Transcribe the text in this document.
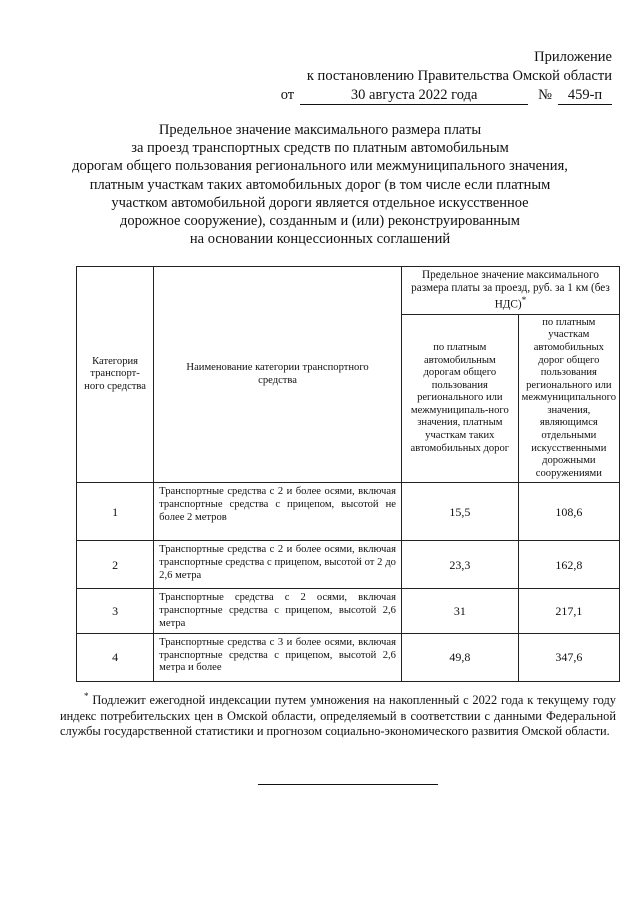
Приложение
к постановлению Правительства Омской области
от	30 августа 2022 года	№	459-п
Предельное значение максимального размера платы
за проезд транспортных средств по платным автомобильным
дорогам общего пользования регионального или межмуниципального значения,
платным участкам таких автомобильных дорог (в том числе если платным
участком автомобильной дороги является отдельное искусственное
дорожное сооружение), созданным и (или) реконструированным
на основании концессионных соглашений
Категория транспорт-ного средства	Наименование категории транспортного средства	Предельное значение максимального размера платы за проезд, руб. за 1 км (без НДС)*
		по платным автомобильным дорогам общего пользования регионального или межмуниципаль-ного значения, платным участкам таких автомобильных дорог	по платным участкам автомобильных дорог общего пользования регионального или межмуниципального значения, являющимся отдельными искусственными дорожными сооружениями
1	Транспортные средства с 2 и более осями, включая транспортные средства с прицепом, высотой не более 2 метров	15,5	108,6
2	Транспортные средства с 2 и более осями, включая транспортные средства с прицепом, высотой от 2 до 2,6 метра	23,3	162,8
3	Транспортные средства с 2 осями, включая транспортные средства с прицепом, высотой 2,6 метра	31	217,1
4	Транспортные средства с 3 и более осями, включая транспортные средства с прицепом, высотой 2,6 метра и более	49,8	347,6
* Подлежит ежегодной индексации путем умножения на накопленный с 2022 года к текущему году индекс потребительских цен в Омской области, определяемый в соответствии с данными Федеральной службы государственной статистики и прогнозом социально-экономического развития Омской области.
